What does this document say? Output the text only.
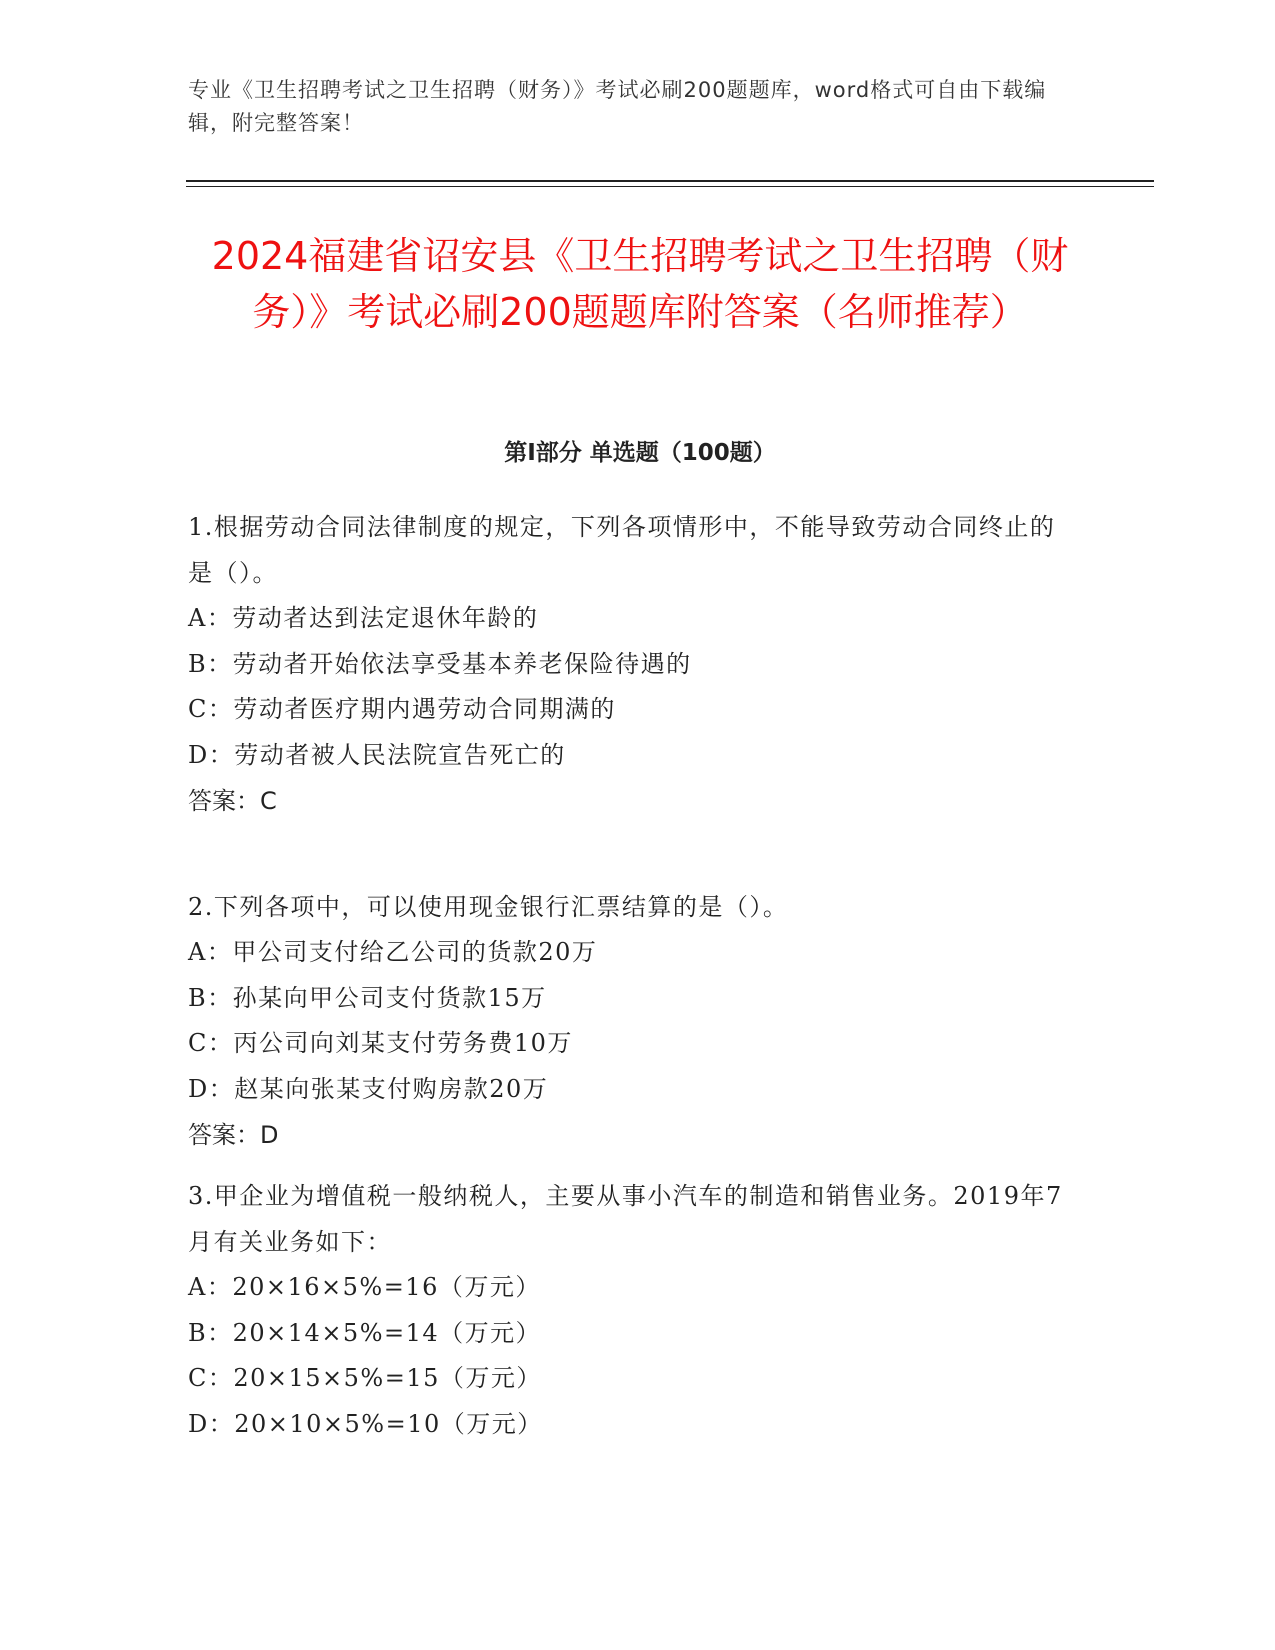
专业《卫生招聘考试之卫生招聘（财务）》考试必刷200题题库，word格式可自由下载编辑，附完整答案！
2024福建省诏安县《卫生招聘考试之卫生招聘（财务）》考试必刷200题题库附答案（名师推荐）
第I部分 单选题（100题）
1.根据劳动合同法律制度的规定，下列各项情形中，不能导致劳动合同终止的是（）。
A：劳动者达到法定退休年龄的
B：劳动者开始依法享受基本养老保险待遇的
C：劳动者医疗期内遇劳动合同期满的
D：劳动者被人民法院宣告死亡的
答案：C
2.下列各项中，可以使用现金银行汇票结算的是（）。
A：甲公司支付给乙公司的货款20万
B：孙某向甲公司支付货款15万
C：丙公司向刘某支付劳务费10万
D：赵某向张某支付购房款20万
答案：D
3.甲企业为增值税一般纳税人，主要从事小汽车的制造和销售业务。2019年7月有关业务如下：
A：20×16×5%=16（万元）
B：20×14×5%=14（万元）
C：20×15×5%=15（万元）
D：20×10×5%=10（万元）
